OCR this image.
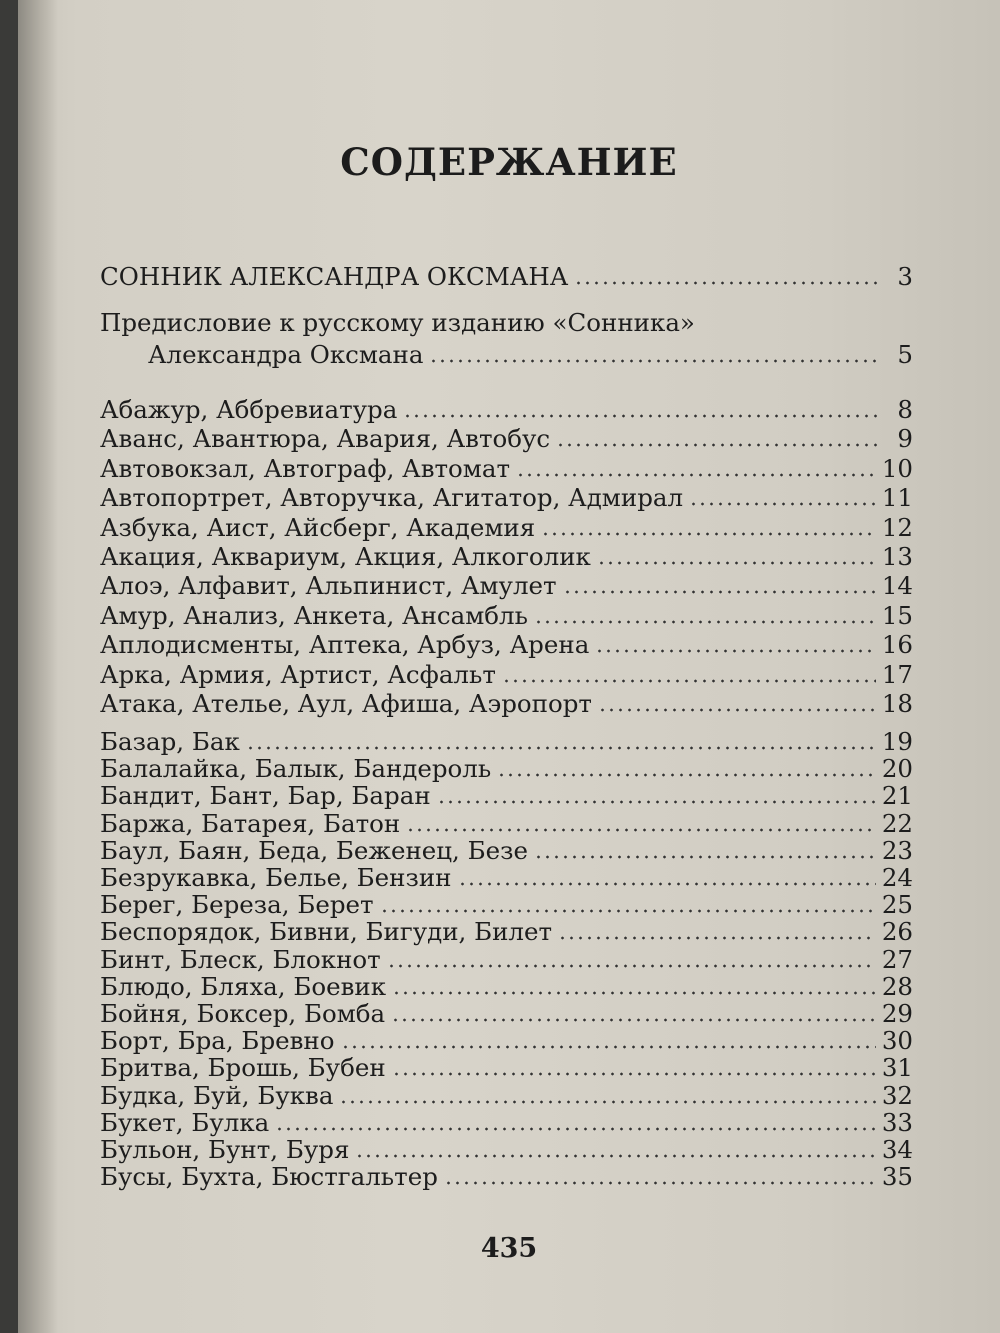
СОДЕРЖАНИЕ
СОННИК АЛЕКСАНДРА ОКСМАНА	3
Предисловие к русскому изданию «Сонника»
Александра Оксмана	5
Абажур, Аббревиатура	8
Аванс, Авантюра, Авария, Автобус	9
Автовокзал, Автограф, Автомат	10
Автопортрет, Авторучка, Агитатор, Адмирал	11
Азбука, Аист, Айсберг, Академия	12
Акация, Аквариум, Акция, Алкоголик	13
Алоэ, Алфавит, Альпинист, Амулет	14
Амур, Анализ, Анкета, Ансамбль	15
Аплодисменты, Аптека, Арбуз, Арена	16
Арка, Армия, Артист, Асфальт	17
Атака, Ателье, Аул, Афиша, Аэропорт	18
Базар, Бак	19
Балалайка, Балык, Бандероль	20
Бандит, Бант, Бар, Баран	21
Баржа, Батарея, Батон	22
Баул, Баян, Беда, Беженец, Безе	23
Безрукавка, Белье, Бензин	24
Берег, Береза, Берет	25
Беспорядок, Бивни, Бигуди, Билет	26
Бинт, Блеск, Блокнот	27
Блюдо, Бляха, Боевик	28
Бойня, Боксер, Бомба	29
Борт, Бра, Бревно	30
Бритва, Брошь, Бубен	31
Будка, Буй, Буква	32
Букет, Булка	33
Бульон, Бунт, Буря	34
Бусы, Бухта, Бюстгальтер	35
435
